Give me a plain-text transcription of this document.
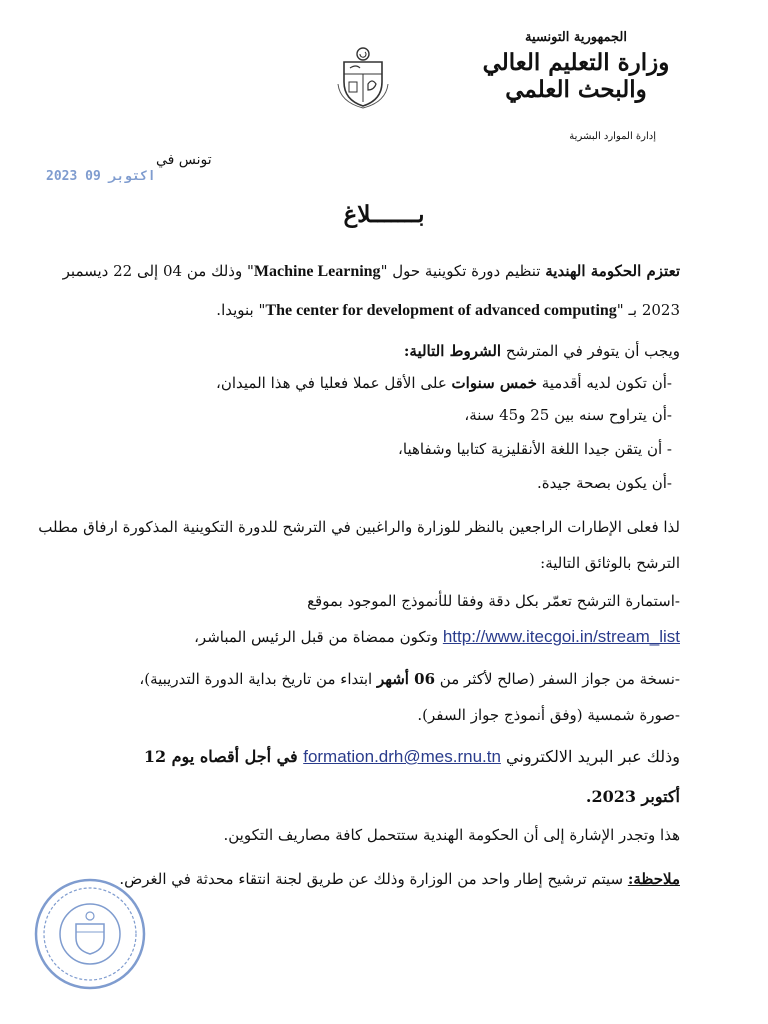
الجمهورية التونسية
وزارة التعليم العالي
والبحث العلمي
إدارة الموارد البشرية
تونس في
2023 اكتوبر 09
بـــــــلاغ
تعتزم الحكومة الهندية تنظيم دورة تكوينية حول "Machine Learning" وذلك من 04 إلى 22 ديسمبر
2023 بـ "The center for development of advanced computing" بنويدا.
ويجب أن يتوفر في المترشح الشروط التالية:
-أن تكون لديه أقدمية خمس سنوات على الأقل عملا فعليا في هذا الميدان،
-أن يتراوح سنه بين 25 و45 سنة،
- أن يتقن جيدا اللغة الأنقليزية كتابيا وشفاهيا،
-أن يكون بصحة جيدة.
لذا فعلى الإطارات الراجعين بالنظر للوزارة والراغبين في الترشح للدورة التكوينية المذكورة ارفاق مطلب
الترشح بالوثائق التالية:
-استمارة الترشح تعمّر بكل دقة وفقا للأنموذج الموجود بموقع
http://www.itecgoi.in/stream_list وتكون ممضاة من قبل الرئيس المباشر،
-نسخة من جواز السفر (صالح لأكثر من 06 أشهر ابتداء من تاريخ بداية الدورة التدريبية)،
-صورة شمسية (وفق أنموذج جواز السفر).
وذلك عبر البريد الالكتروني formation.drh@mes.rnu.tn في أجل أقصاه يوم 12
أكتوبر 2023.
هذا وتجدر الإشارة إلى أن الحكومة الهندية ستتحمل كافة مصاريف التكوين.
ملاحظة: سيتم ترشيح إطار واحد من الوزارة وذلك عن طريق لجنة انتقاء محدثة في الغرض.
